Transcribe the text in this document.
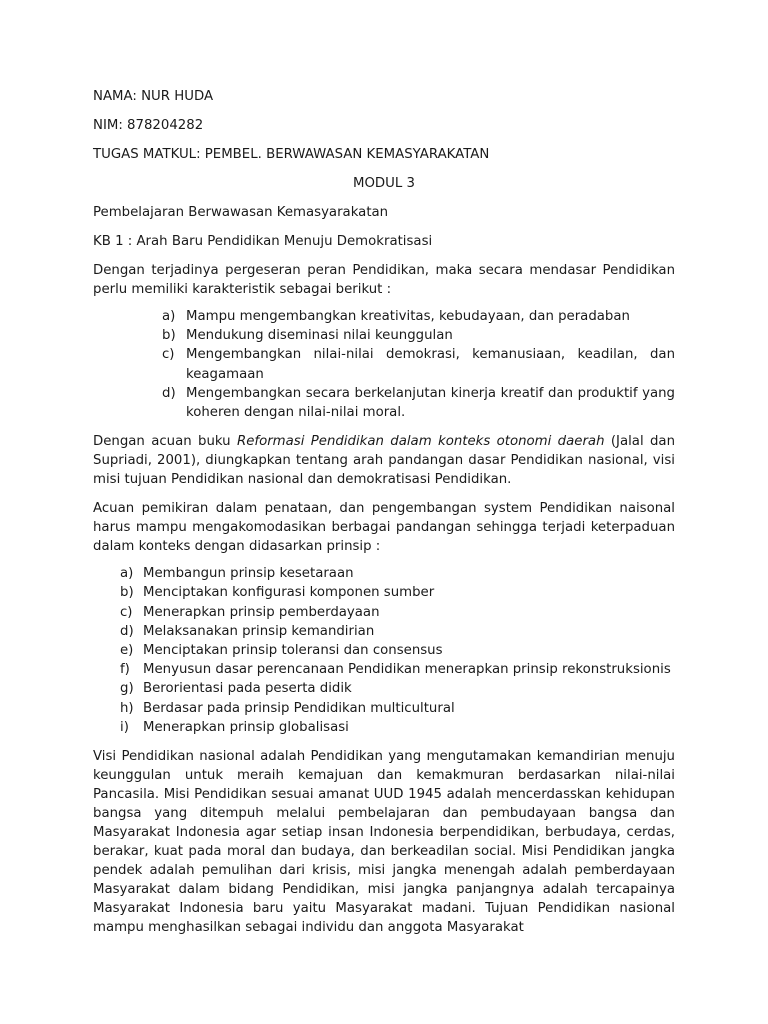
NAMA: NUR HUDA

NIM: 878204282

TUGAS MATKUL: PEMBEL. BERWAWASAN KEMASYARAKATAN

MODUL 3

Pembelajaran Berwawasan Kemasyarakatan

KB 1 : Arah Baru Pendidikan Menuju Demokratisasi

Dengan terjadinya pergeseran peran Pendidikan, maka secara mendasar Pendidikan perlu memiliki karakteristik sebagai berikut :

a) Mampu mengembangkan kreativitas, kebudayaan, dan peradaban
b) Mendukung diseminasi nilai keunggulan
c) Mengembangkan nilai-nilai demokrasi, kemanusiaan, keadilan, dan keagamaan
d) Mengembangkan secara berkelanjutan kinerja kreatif dan produktif yang koheren dengan nilai-nilai moral.

Dengan acuan buku Reformasi Pendidikan dalam konteks otonomi daerah (Jalal dan Supriadi, 2001), diungkapkan tentang arah pandangan dasar Pendidikan nasional, visi misi tujuan Pendidikan nasional dan demokratisasi Pendidikan.

Acuan pemikiran dalam penataan, dan pengembangan system Pendidikan naisonal harus mampu mengakomodasikan berbagai pandangan sehingga terjadi keterpaduan dalam konteks dengan didasarkan prinsip :

a) Membangun prinsip kesetaraan
b) Menciptakan konfigurasi komponen sumber
c) Menerapkan prinsip pemberdayaan
d) Melaksanakan prinsip kemandirian
e) Menciptakan prinsip toleransi dan consensus
f) Menyusun dasar perencanaan Pendidikan menerapkan prinsip rekonstruksionis
g) Berorientasi pada peserta didik
h) Berdasar pada prinsip Pendidikan multicultural
i) Menerapkan prinsip globalisasi

Visi Pendidikan nasional adalah Pendidikan yang mengutamakan kemandirian menuju keunggulan untuk meraih kemajuan dan kemakmuran berdasarkan nilai-nilai Pancasila. Misi Pendidikan sesuai amanat UUD 1945 adalah mencerdasskan kehidupan bangsa yang ditempuh melalui pembelajaran dan pembudayaan bangsa dan Masyarakat Indonesia agar setiap insan Indonesia berpendidikan, berbudaya, cerdas, berakar, kuat pada moral dan budaya, dan berkeadilan social. Misi Pendidikan jangka pendek adalah pemulihan dari krisis, misi jangka menengah adalah pemberdayaan Masyarakat dalam bidang Pendidikan, misi jangka panjangnya adalah tercapainya Masyarakat Indonesia baru yaitu Masyarakat madani. Tujuan Pendidikan nasional mampu menghasilkan sebagai individu dan anggota Masyarakat
